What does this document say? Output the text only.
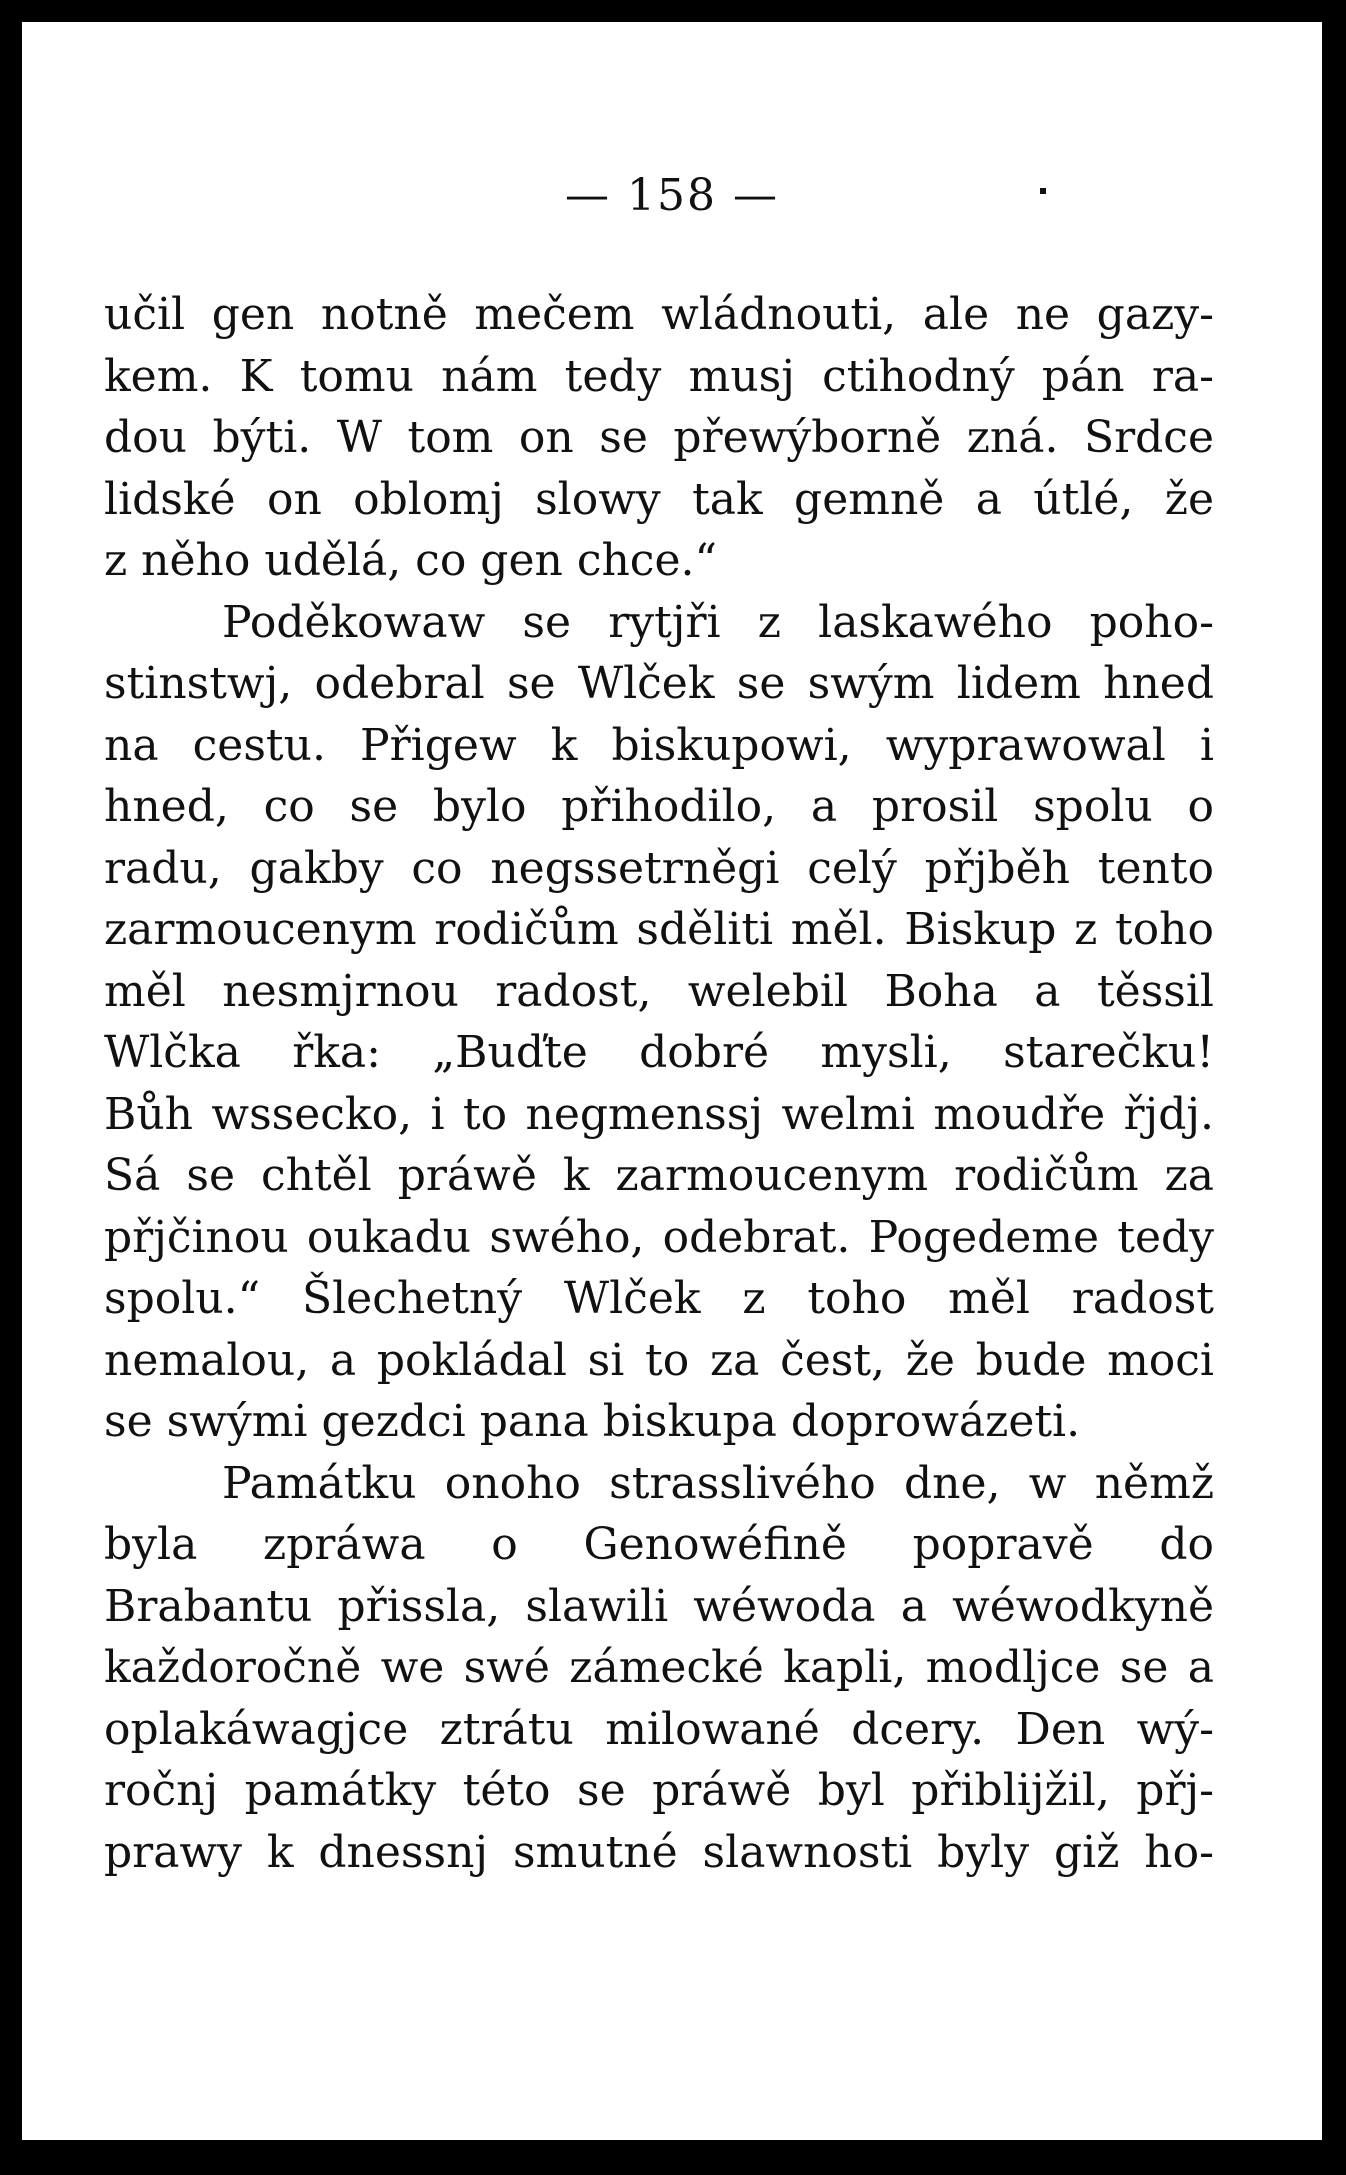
— 158 —
učil gen notně mečem wládnouti, ale ne gazy-
kem. K tomu nám tedy musj ctihodný pán ra-
dou býti. W tom on se přewýborně zná. Srdce
lidské on oblomj slowy tak gemně a útlé, že
z něho udělá, co gen chce.“
Poděkowaw se rytjři z laskawého poho-
stinstwj, odebral se Wlček se swým lidem hned
na cestu. Přigew k biskupowi, wyprawowal i
hned, co se bylo přihodilo, a prosil spolu o
radu, gakby co negssetrněgi celý přjběh tento
zarmoucenym rodičům sděliti měl. Biskup z toho
měl nesmjrnou radost, welebil Boha a těssil
Wlčka řka: „Buďte dobré mysli, starečku!
Bůh wssecko, i to negmenssj welmi moudře řjdj.
Sá se chtěl práwě k zarmoucenym rodičům za
přjčinou oukadu swého, odebrat. Pogedeme tedy
spolu.“ Šlechetný Wlček z toho měl radost
nemalou, a pokládal si to za čest, že bude moci
se swými gezdci pana biskupa doprowázeti.
Památku onoho strasslivého dne, w němž
byla zpráwa o Genowéfině popravě do
Brabantu přissla, slawili wéwoda a wéwodkyně
každoročně we swé zámecké kapli, modljce se a
oplakáwagjce ztrátu milowané dcery. Den wý-
ročnj památky této se práwě byl přiblijžil, přj-
prawy k dnessnj smutné slawnosti byly giž ho-
